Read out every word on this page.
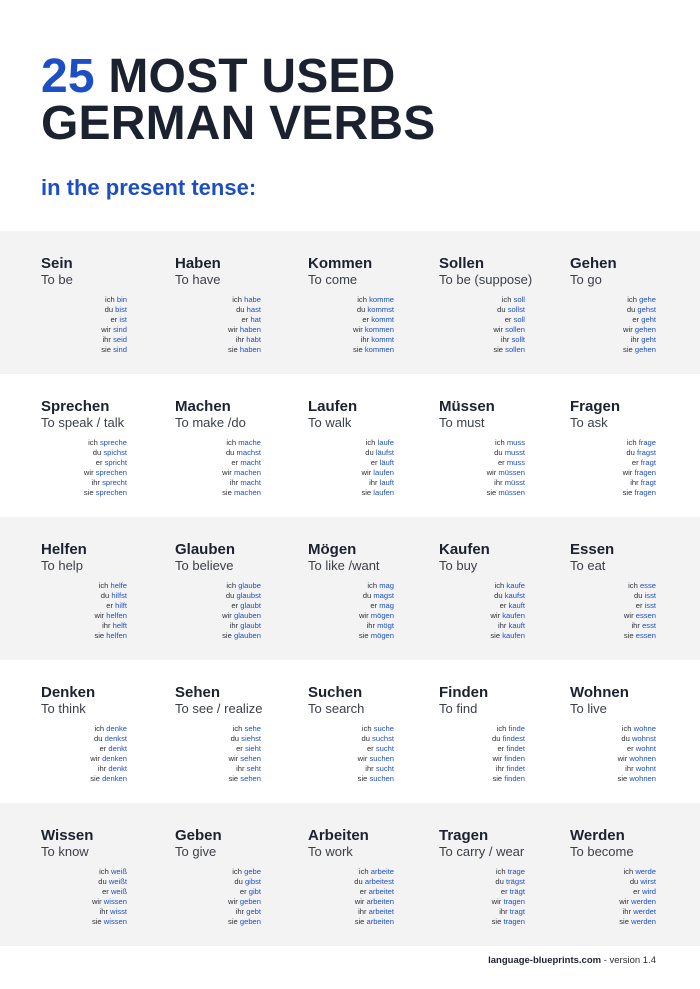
25 MOST USED
GERMAN VERBS
in the present tense:
Sein
To be
ich bin
du bist
er ist
wir sind
ihr seid
sie sind
Haben
To have
ich habe
du hast
er hat
wir haben
ihr habt
sie haben
Kommen
To come
ich komme
du kommst
er kommt
wir kommen
ihr kommt
sie kommen
Sollen
To be (suppose)
ich soll
du sollst
er soll
wir sollen
ihr sollt
sie sollen
Gehen
To go
ich gehe
du gehst
er geht
wir gehen
ihr geht
sie gehen
Sprechen
To speak / talk
ich spreche
du spichst
er spricht
wir sprechen
ihr sprecht
sie sprechen
Machen
To make /do
ich mache
du machst
er macht
wir machen
ihr macht
sie machen
Laufen
To walk
ich laufe
du läufst
er läuft
wir laufen
ihr lauft
sie laufen
Müssen
To must
ich muss
du musst
er muss
wir müssen
ihr müsst
sie müssen
Fragen
To ask
ich frage
du fragst
er fragt
wir fragen
ihr fragt
sie fragen
Helfen
To help
ich helfe
du hilfst
er hilft
wir helfen
ihr helft
sie helfen
Glauben
To believe
ich glaube
du glaubst
er glaubt
wir glauben
ihr glaubt
sie glauben
Mögen
To like /want
ich mag
du magst
er mag
wir mögen
ihr mögt
sie mögen
Kaufen
To buy
ich kaufe
du kaufst
er kauft
wir kaufen
ihr kauft
sie kaufen
Essen
To eat
ich esse
du isst
er isst
wir essen
ihr esst
sie essen
Denken
To think
ich denke
du denkst
er denkt
wir denken
ihr denkt
sie denken
Sehen
To see / realize
ich sehe
du siehst
er sieht
wir sehen
ihr seht
sie sehen
Suchen
To search
ich suche
du suchst
er sucht
wir suchen
ihr sucht
sie suchen
Finden
To find
ich finde
du findest
er findet
wir finden
ihr findet
sie finden
Wohnen
To live
ich wohne
du wohnst
er wohnt
wir wohnen
ihr wohnt
sie wohnen
Wissen
To know
ich weiß
du weißt
er weiß
wir wissen
ihr wisst
sie wissen
Geben
To give
ich gebe
du gibst
er gibt
wir geben
ihr gebt
sie geben
Arbeiten
To work
ich arbeite
du arbeitest
er arbeitet
wir arbeiten
ihr arbeitet
sie arbeiten
Tragen
To carry / wear
ich trage
du trägst
er trägt
wir tragen
ihr tragt
sie tragen
Werden
To become
ich werde
du wirst
er wird
wir werden
ihr werdet
sie werden
language-blueprints.com - version 1.4
